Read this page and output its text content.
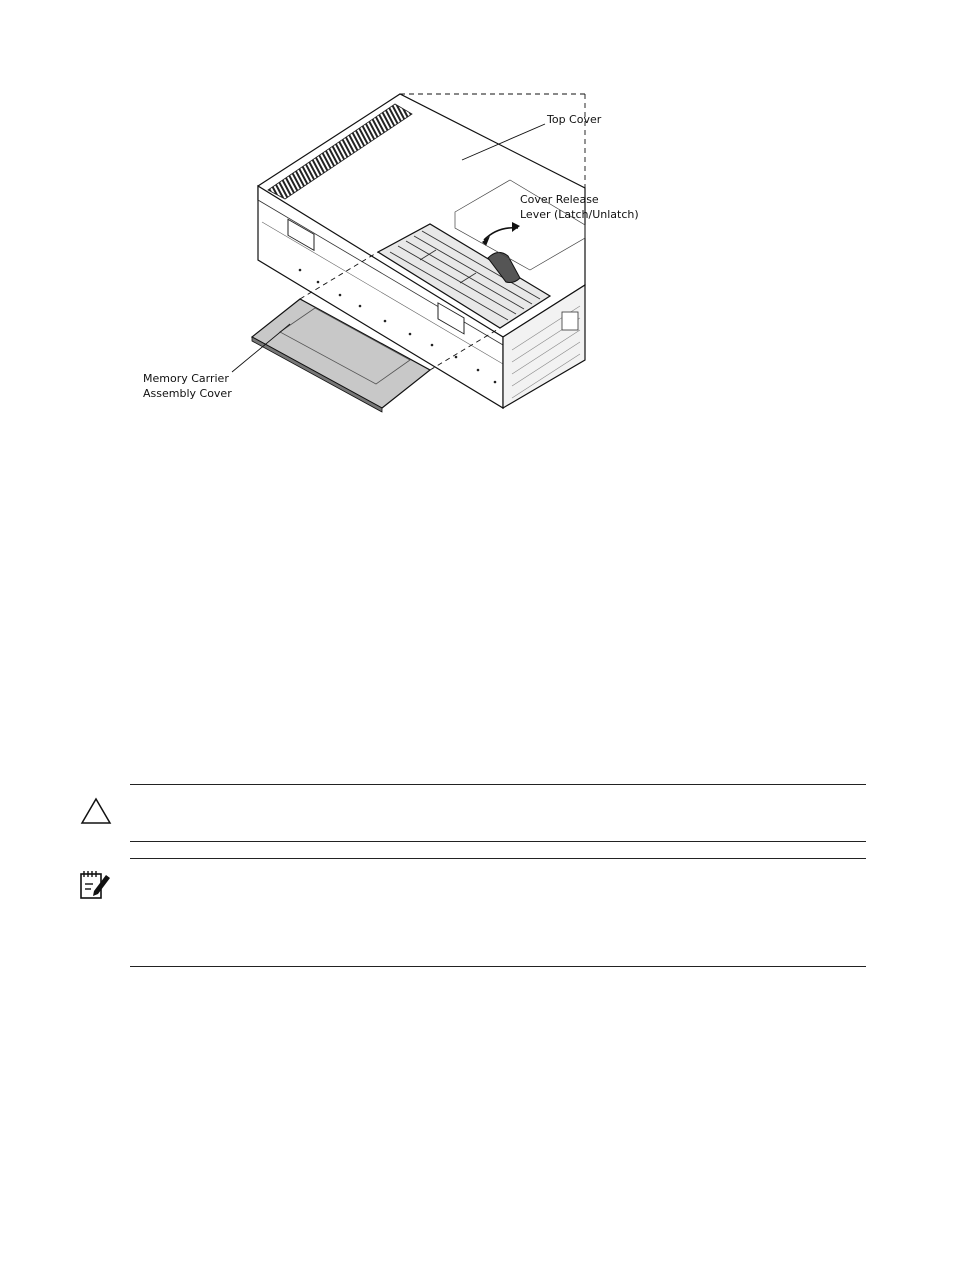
Top Cover
Cover Release
Lever (Latch/Unlatch)
Memory Carrier
Assembly Cover
